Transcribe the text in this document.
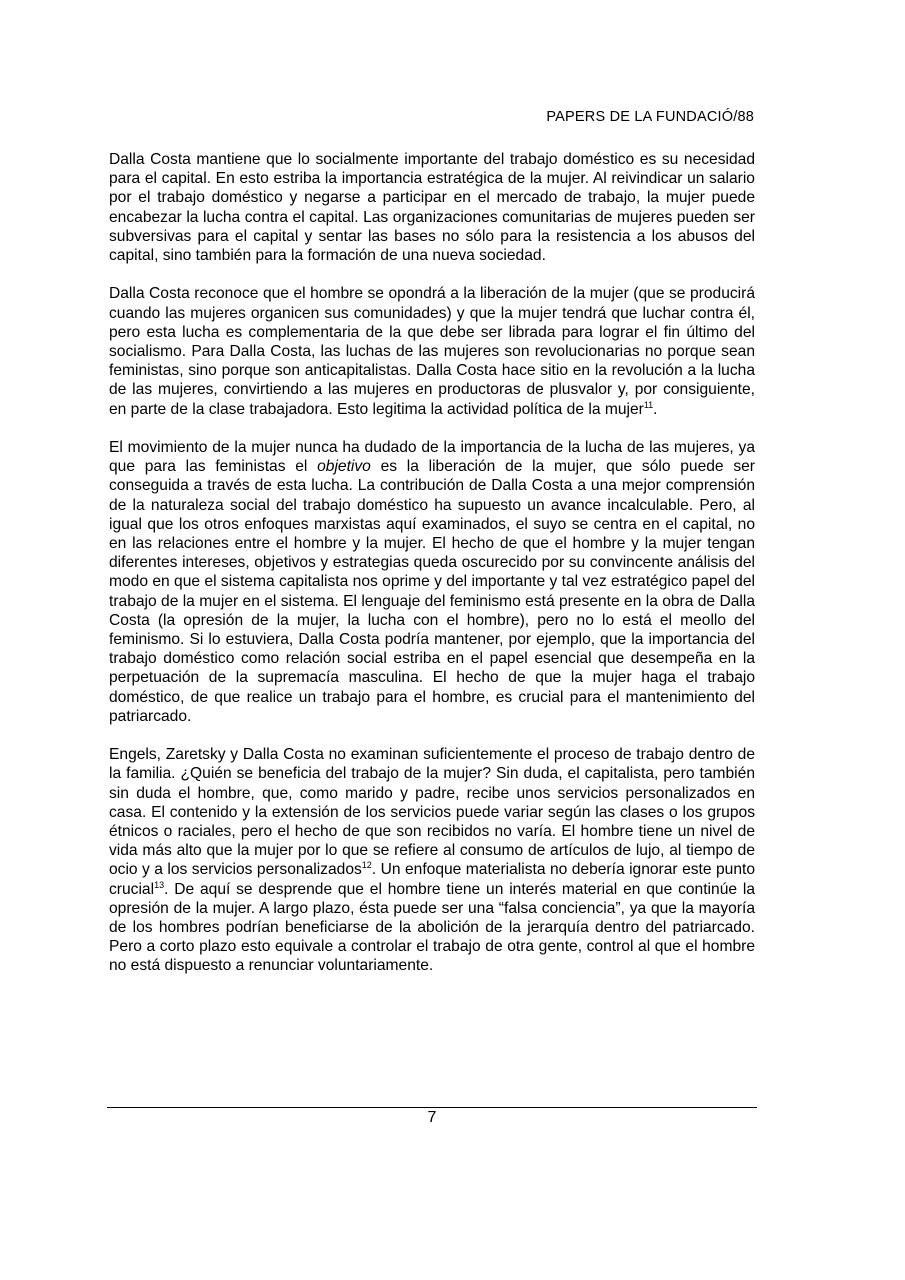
PAPERS DE LA FUNDACIÓ/88

Dalla Costa mantiene que lo socialmente importante del trabajo doméstico es su necesidad para el capital. En esto estriba la importancia estratégica de la mujer. Al reivindicar un salario por el trabajo doméstico y negarse a participar en el mercado de trabajo, la mujer puede encabezar la lucha contra el capital. Las organizaciones comunitarias de mujeres pueden ser subversivas para el capital y sentar las bases no sólo para la resistencia a los abusos del capital, sino también para la formación de una nueva sociedad.

Dalla Costa reconoce que el hombre se opondrá a la liberación de la mujer (que se producirá cuando las mujeres organicen sus comunidades) y que la mujer tendrá que luchar contra él, pero esta lucha es complementaria de la que debe ser librada para lograr el fin último del socialismo. Para Dalla Costa, las luchas de las mujeres son revolucionarias no porque sean feministas, sino porque son anticapitalistas. Dalla Costa hace sitio en la revolución a la lucha de las mujeres, convirtiendo a las mujeres en productoras de plusvalor y, por consiguiente, en parte de la clase trabajadora. Esto legitima la actividad política de la mujer$^{11}$.

El movimiento de la mujer nunca ha dudado de la importancia de la lucha de las mujeres, ya que para las feministas el objetivo es la liberación de la mujer, que sólo puede ser conseguida a través de esta lucha. La contribución de Dalla Costa a una mejor comprensión de la naturaleza social del trabajo doméstico ha supuesto un avance incalculable. Pero, al igual que los otros enfoques marxistas aquí examinados, el suyo se centra en el capital, no en las relaciones entre el hombre y la mujer. El hecho de que el hombre y la mujer tengan diferentes intereses, objetivos y estrategias queda oscurecido por su convincente análisis del modo en que el sistema capitalista nos oprime y del importante y tal vez estratégico papel del trabajo de la mujer en el sistema. El lenguaje del feminismo está presente en la obra de Dalla Costa (la opresión de la mujer, la lucha con el hombre), pero no lo está el meollo del feminismo. Si lo estuviera, Dalla Costa podría mantener, por ejemplo, que la importancia del trabajo doméstico como relación social estriba en el papel esencial que desempeña en la perpetuación de la supremacía masculina. El hecho de que la mujer haga el trabajo doméstico, de que realice un trabajo para el hombre, es crucial para el mantenimiento del patriarcado.

Engels, Zaretsky y Dalla Costa no examinan suficientemente el proceso de trabajo dentro de la familia. ¿Quién se beneficia del trabajo de la mujer? Sin duda, el capitalista, pero también sin duda el hombre, que, como marido y padre, recibe unos servicios personalizados en casa. El contenido y la extensión de los servicios puede variar según las clases o los grupos étnicos o raciales, pero el hecho de que son recibidos no varía. El hombre tiene un nivel de vida más alto que la mujer por lo que se refiere al consumo de artículos de lujo, al tiempo de ocio y a los servicios personalizados$^{12}$. Un enfoque materialista no debería ignorar este punto crucial$^{13}$. De aquí se desprende que el hombre tiene un interés material en que continúe la opresión de la mujer. A largo plazo, ésta puede ser una “falsa conciencia”, ya que la mayoría de los hombres podrían beneficiarse de la abolición de la jerarquía dentro del patriarcado. Pero a corto plazo esto equivale a controlar el trabajo de otra gente, control al que el hombre no está dispuesto a renunciar voluntariamente.

7
